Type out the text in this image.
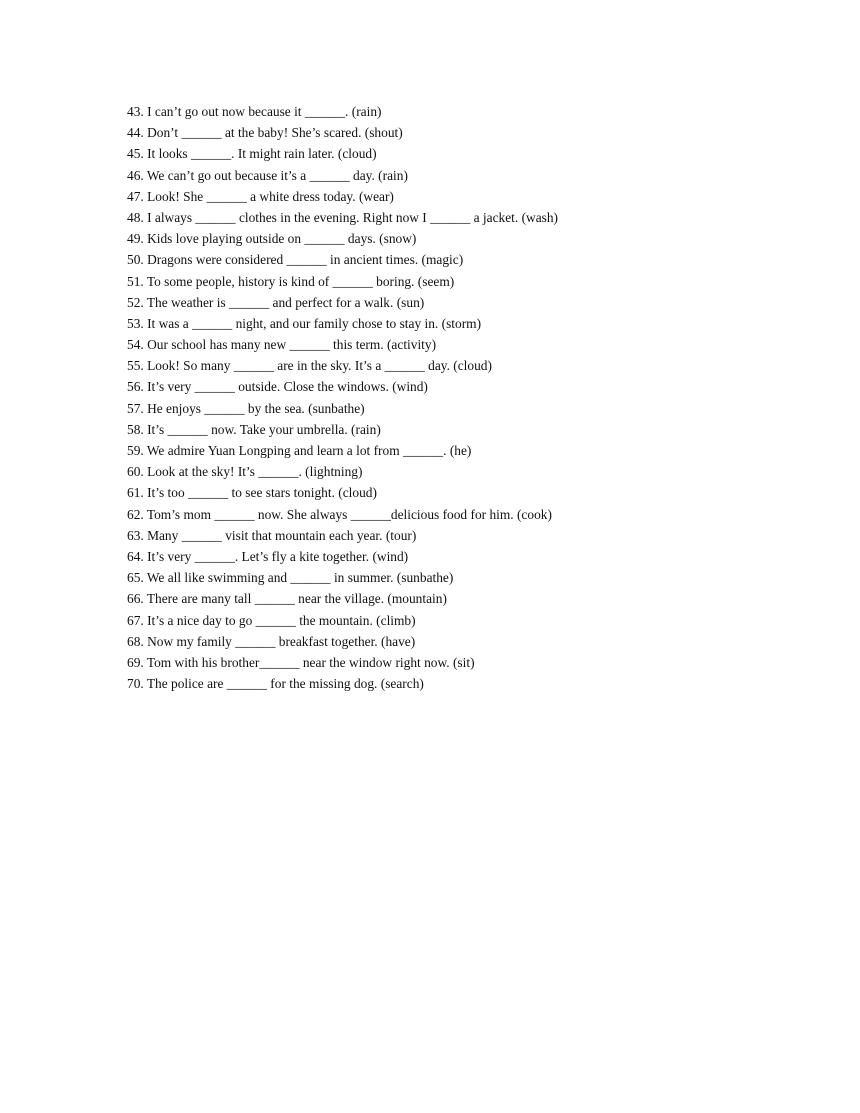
43. I can’t go out now because it ______. (rain)
44. Don’t ______ at the baby! She’s scared. (shout)
45. It looks ______. It might rain later. (cloud)
46. We can’t go out because it’s a ______ day. (rain)
47. Look! She ______ a white dress today. (wear)
48. I always ______ clothes in the evening. Right now I ______ a jacket. (wash)
49. Kids love playing outside on ______ days. (snow)
50. Dragons were considered ______ in ancient times. (magic)
51. To some people, history is kind of ______ boring. (seem)
52. The weather is ______ and perfect for a walk. (sun)
53. It was a ______ night, and our family chose to stay in. (storm)
54. Our school has many new ______ this term. (activity)
55. Look! So many ______ are in the sky. It’s a ______ day. (cloud)
56. It’s very ______ outside. Close the windows. (wind)
57. He enjoys ______ by the sea. (sunbathe)
58. It’s ______ now. Take your umbrella. (rain)
59. We admire Yuan Longping and learn a lot from ______. (he)
60. Look at the sky! It’s ______. (lightning)
61. It’s too ______ to see stars tonight. (cloud)
62. Tom’s mom ______ now. She always ______delicious food for him. (cook)
63. Many ______ visit that mountain each year. (tour)
64. It’s very ______. Let’s fly a kite together. (wind)
65. We all like swimming and ______ in summer. (sunbathe)
66. There are many tall ______ near the village. (mountain)
67. It’s a nice day to go ______ the mountain. (climb)
68. Now my family ______ breakfast together. (have)
69. Tom with his brother______ near the window right now. (sit)
70. The police are ______ for the missing dog. (search)
